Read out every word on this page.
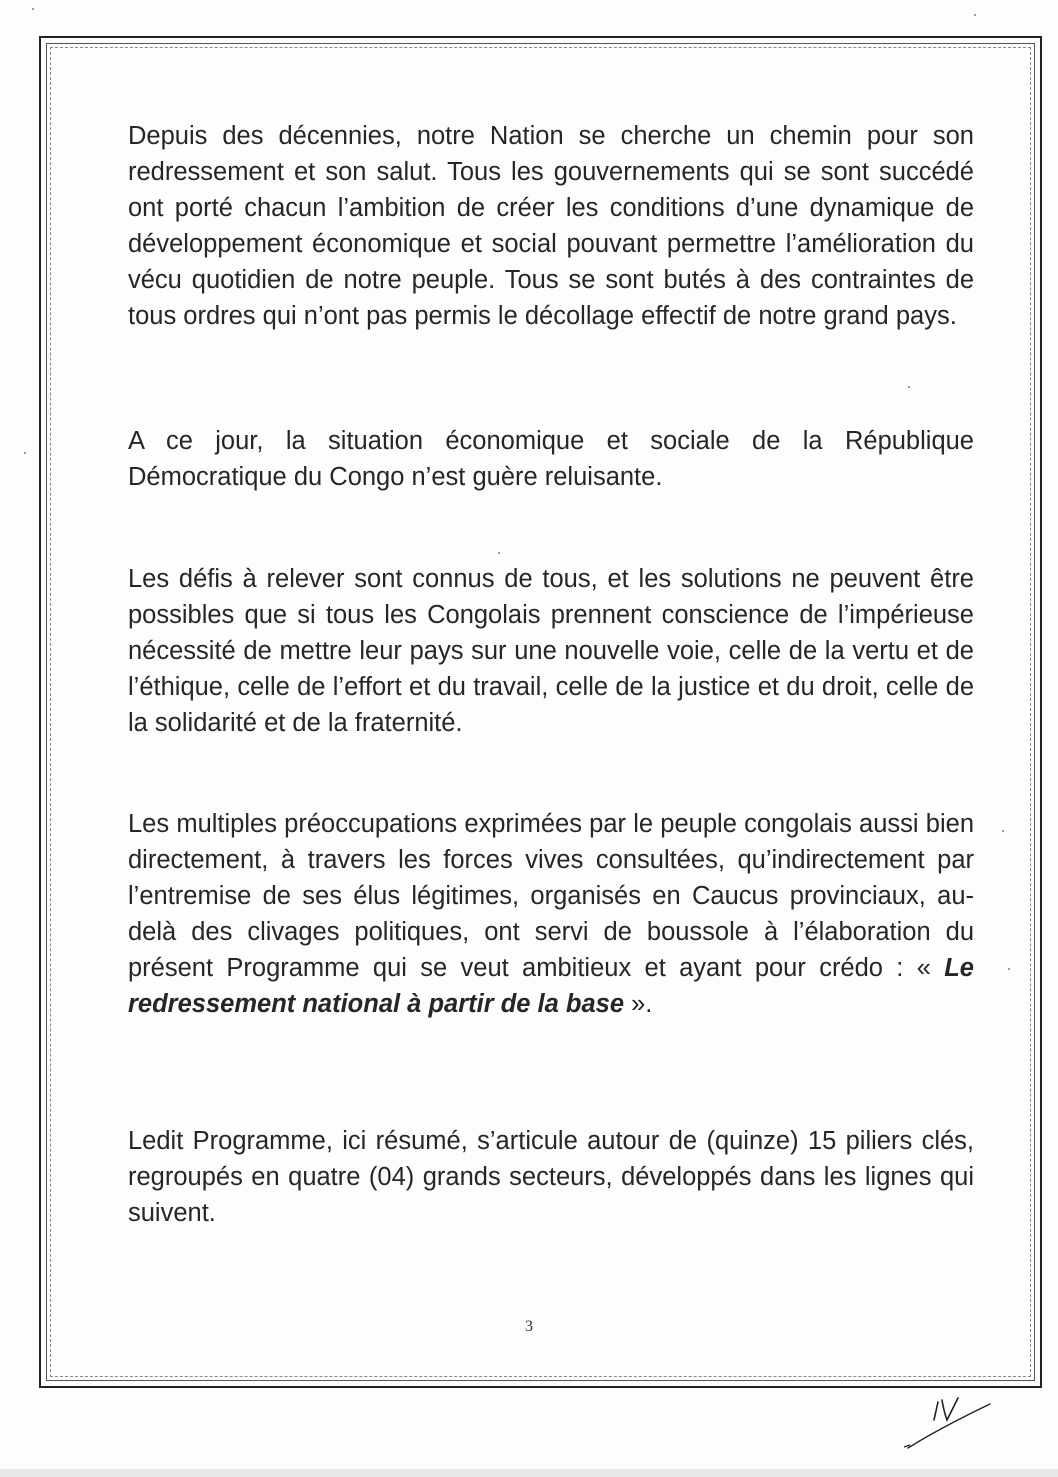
Depuis des décennies, notre Nation se cherche un chemin pour son redressement et son salut. Tous les gouvernements qui se sont succédé ont porté chacun l’ambition de créer les conditions d’une dynamique de développement économique et social pouvant permettre l’amélioration du vécu quotidien de notre peuple. Tous se sont butés à des contraintes de tous ordres qui n’ont pas permis le décollage effectif de notre grand pays.

A ce jour, la situation économique et sociale de la République Démocratique du Congo n’est guère reluisante.

Les défis à relever sont connus de tous, et les solutions ne peuvent être possibles que si tous les Congolais prennent conscience de l’impérieuse nécessité de mettre leur pays sur une nouvelle voie, celle de la vertu et de l’éthique, celle de l’effort et du travail, celle de la justice et du droit, celle de la solidarité et de la fraternité.

Les multiples préoccupations exprimées par le peuple congolais aussi bien directement, à travers les forces vives consultées, qu’indirectement par l’entremise de ses élus légitimes, organisés en Caucus provinciaux, au-delà des clivages politiques, ont servi de boussole à l’élaboration du présent Programme qui se veut ambitieux et ayant pour crédo : « Le redressement national à partir de la base ».

Ledit Programme, ici résumé, s’articule autour de (quinze) 15 piliers clés, regroupés en quatre (04) grands secteurs, développés dans les lignes qui suivent.

3
